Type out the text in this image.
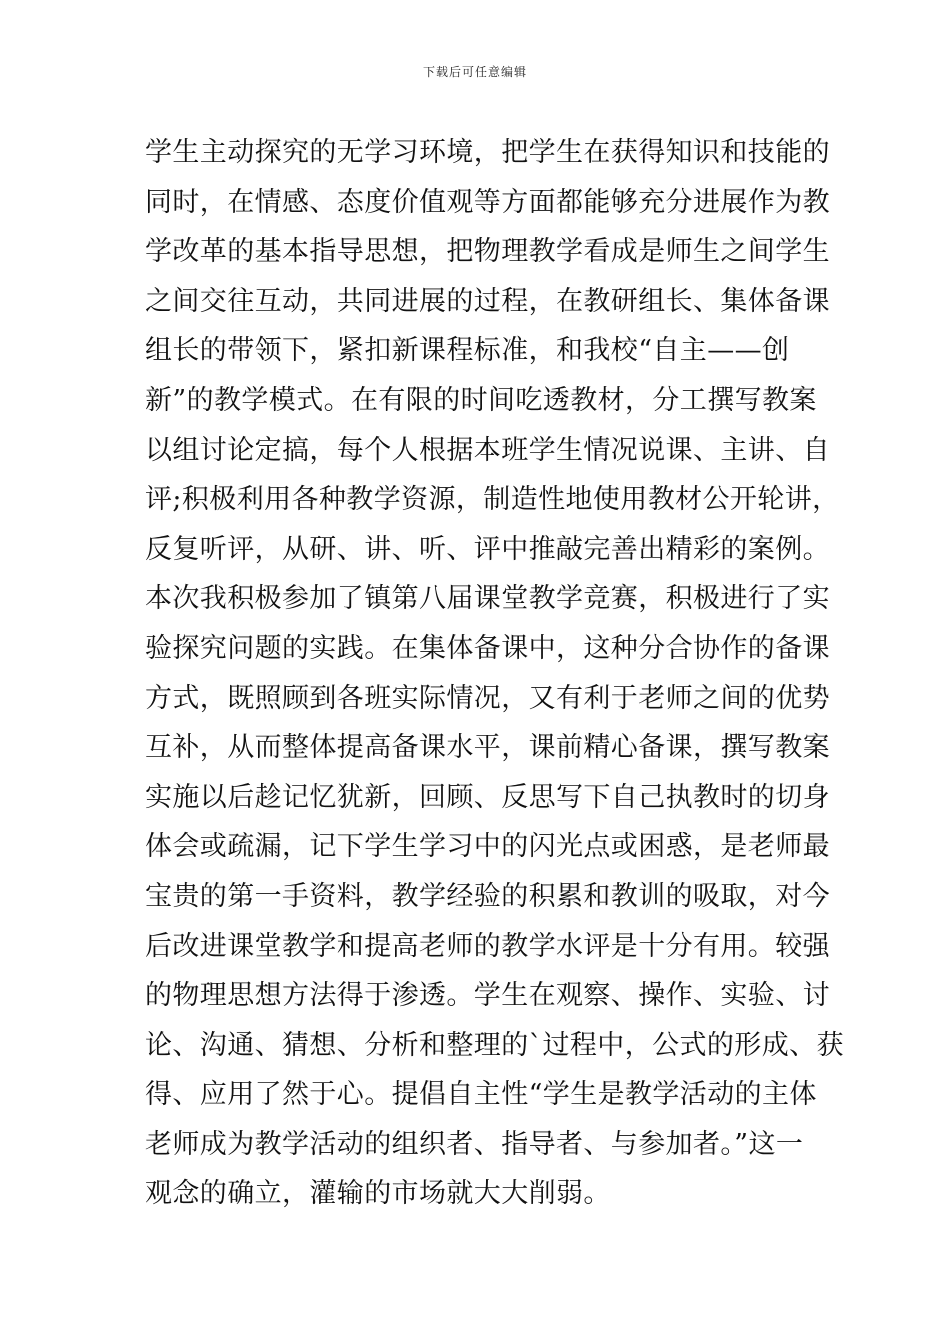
下载后可任意编辑
学生主动探究的无学习环境，把学生在获得知识和技能的
同时，在情感、态度价值观等方面都能够充分进展作为教
学改革的基本指导思想，把物理教学看成是师生之间学生
之间交往互动，共同进展的过程，在教研组长、集体备课
组长的带领下，紧扣新课程标准，和我校“自主——创
新”的教学模式。在有限的时间吃透教材，分工撰写教案
以组讨论定搞，每个人根据本班学生情况说课、主讲、自
评;积极利用各种教学资源，制造性地使用教材公开轮讲，
反复听评，从研、讲、听、评中推敲完善出精彩的案例。
本次我积极参加了镇第八届课堂教学竞赛，积极进行了实
验探究问题的实践。在集体备课中，这种分合协作的备课
方式，既照顾到各班实际情况，又有利于老师之间的优势
互补，从而整体提高备课水平，课前精心备课，撰写教案
实施以后趁记忆犹新，回顾、反思写下自己执教时的切身
体会或疏漏，记下学生学习中的闪光点或困惑，是老师最
宝贵的第一手资料，教学经验的积累和教训的吸取，对今
后改进课堂教学和提高老师的教学水评是十分有用。较强
的物理思想方法得于渗透。学生在观察、操作、实验、讨
论、沟通、猜想、分析和整理的`过程中，公式的形成、获
得、应用了然于心。提倡自主性“学生是教学活动的主体
老师成为教学活动的组织者、指导者、与参加者。”这一
观念的确立，灌输的市场就大大削弱。
